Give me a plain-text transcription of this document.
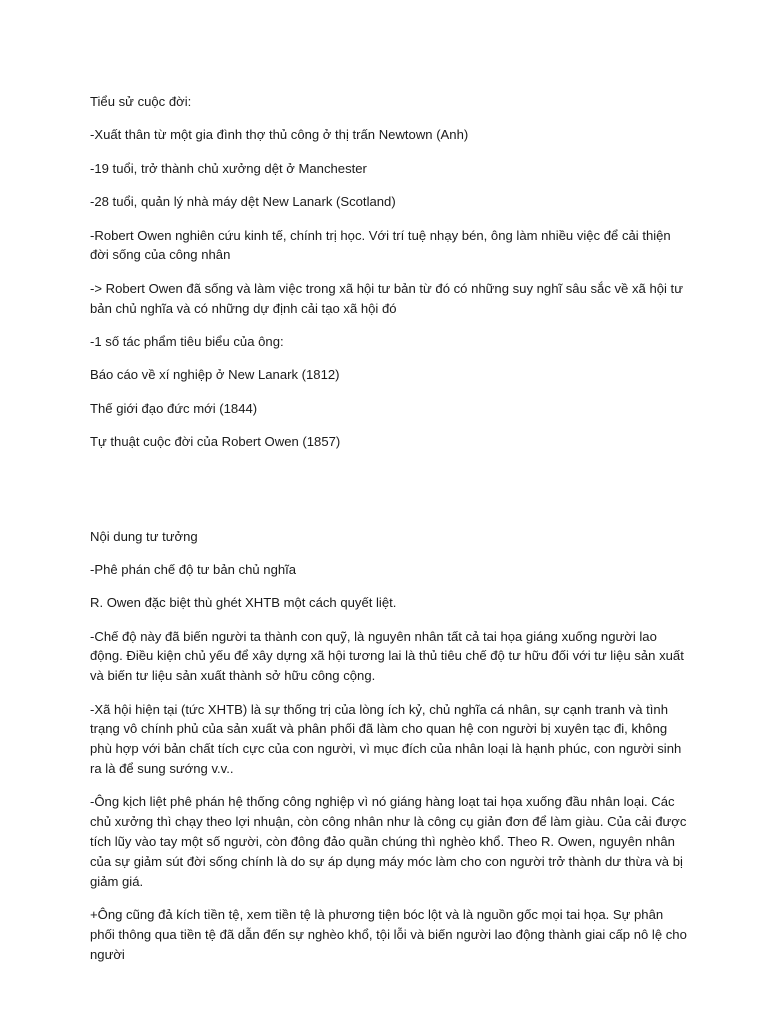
Tiểu sử cuộc đời:

-Xuất thân từ một gia đình thợ thủ công ở thị trấn Newtown (Anh)

-19 tuổi, trở thành chủ xưởng dệt ở Manchester

-28 tuổi, quản lý nhà máy dệt New Lanark (Scotland)

-Robert Owen nghiên cứu kinh tế, chính trị học. Với trí tuệ nhạy bén, ông làm nhiều việc để cải thiện đời sống của công nhân

-> Robert Owen đã sống và làm việc trong xã hội tư bản từ đó có những suy nghĩ sâu sắc về xã hội tư bản chủ nghĩa và có những dự định cải tạo xã hội đó

-1 số tác phẩm tiêu biểu của ông:

Báo cáo về xí nghiệp ở New Lanark (1812)

Thế giới đạo đức mới (1844)

Tự thuật cuộc đời của Robert Owen (1857)

Nội dung tư tưởng

-Phê phán chế độ tư bản chủ nghĩa

R. Owen đặc biệt thù ghét XHTB một cách quyết liệt.

-Chế độ này đã biến người ta thành con quỹ, là nguyên nhân tất cả tai họa giáng xuống người lao động. Điều kiện chủ yếu để xây dựng xã hội tương lai là thủ tiêu chế độ tư hữu đối với tư liệu sản xuất và biến tư liệu sản xuất thành sở hữu công cộng.

-Xã hội hiện tại (tức XHTB) là sự thống trị của lòng ích kỷ, chủ nghĩa cá nhân, sự cạnh tranh và tình trạng vô chính phủ của sản xuất và phân phối đã làm cho quan hệ con người bị xuyên tạc đi, không phù hợp với bản chất tích cực của con người, vì mục đích của nhân loại là hạnh phúc, con người sinh ra là để sung sướng v.v..

-Ông kịch liệt phê phán hệ thống công nghiệp vì nó giáng hàng loạt tai họa xuống đầu nhân loại. Các chủ xưởng thì chạy theo lợi nhuận, còn công nhân như là công cụ giản đơn để làm giàu. Của cải được tích lũy vào tay một số người, còn đông đảo quần chúng thì nghèo khổ. Theo R. Owen, nguyên nhân của sự giảm sút đời sống chính là do sự áp dụng máy móc làm cho con người trở thành dư thừa và bị giảm giá.

+Ông cũng đả kích tiền tệ, xem tiền tệ là phương tiện bóc lột và là nguồn gốc mọi tai họa. Sự phân phối thông qua tiền tệ đã dẫn đến sự nghèo khổ, tội lỗi và biến người lao động thành giai cấp nô lệ cho người
